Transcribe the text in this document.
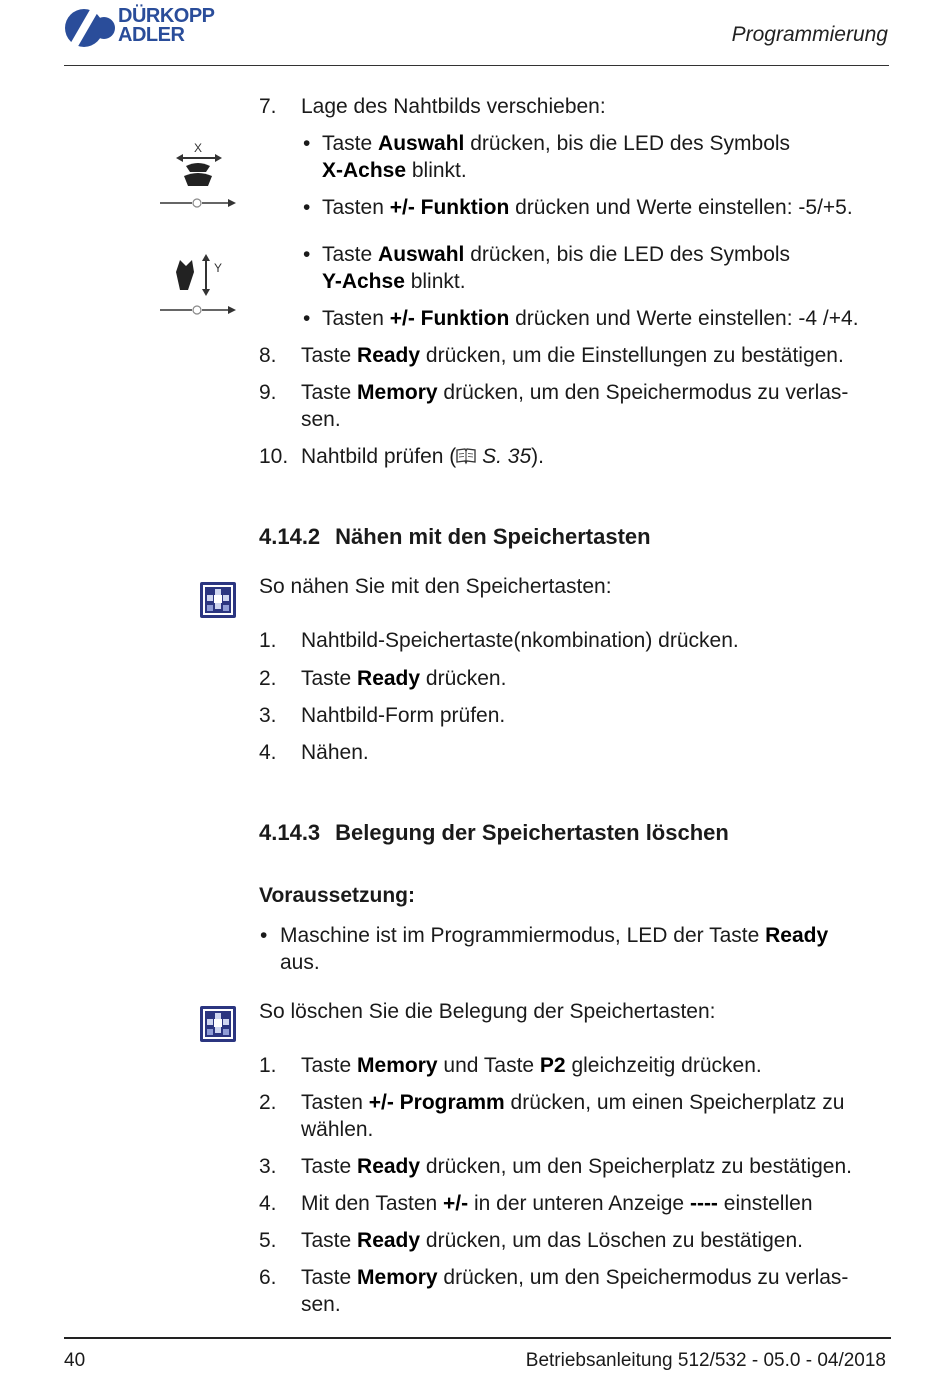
DÜRKOPP
ADLER	Programmierung
7. Lage des Nahtbilds verschieben:
X	• Taste Auswahl drücken, bis die LED des Symbols
X-Achse blinkt.
• Tasten +/- Funktion drücken und Werte einstellen: -5/+5.
Y
• Taste Auswahl drücken, bis die LED des Symbols
Y-Achse blinkt.
• Tasten +/- Funktion drücken und Werte einstellen: -4 /+4.
8. Taste Ready drücken, um die Einstellungen zu bestätigen.
9. Taste Memory drücken, um den Speichermodus zu verlas-
sen.
10. Nahtbild prüfen ( S. 35).
4.14.2 Nähen mit den Speichertasten
So nähen Sie mit den Speichertasten:
1. Nahtbild-Speichertaste(nkombination) drücken.
2. Taste Ready drücken.
3. Nahtbild-Form prüfen.
4. Nähen.
4.14.3 Belegung der Speichertasten löschen
Voraussetzung:
• Maschine ist im Programmiermodus, LED der Taste Ready
aus.
So löschen Sie die Belegung der Speichertasten:
1. Taste Memory und Taste P2 gleichzeitig drücken.
2. Tasten +/- Programm drücken, um einen Speicherplatz zu
wählen.
3. Taste Ready drücken, um den Speicherplatz zu bestätigen.
4. Mit den Tasten +/- in der unteren Anzeige ---- einstellen
5. Taste Ready drücken, um das Löschen zu bestätigen.
6. Taste Memory drücken, um den Speichermodus zu verlas-
sen.
40	Betriebsanleitung 512/532 - 05.0 - 04/2018
